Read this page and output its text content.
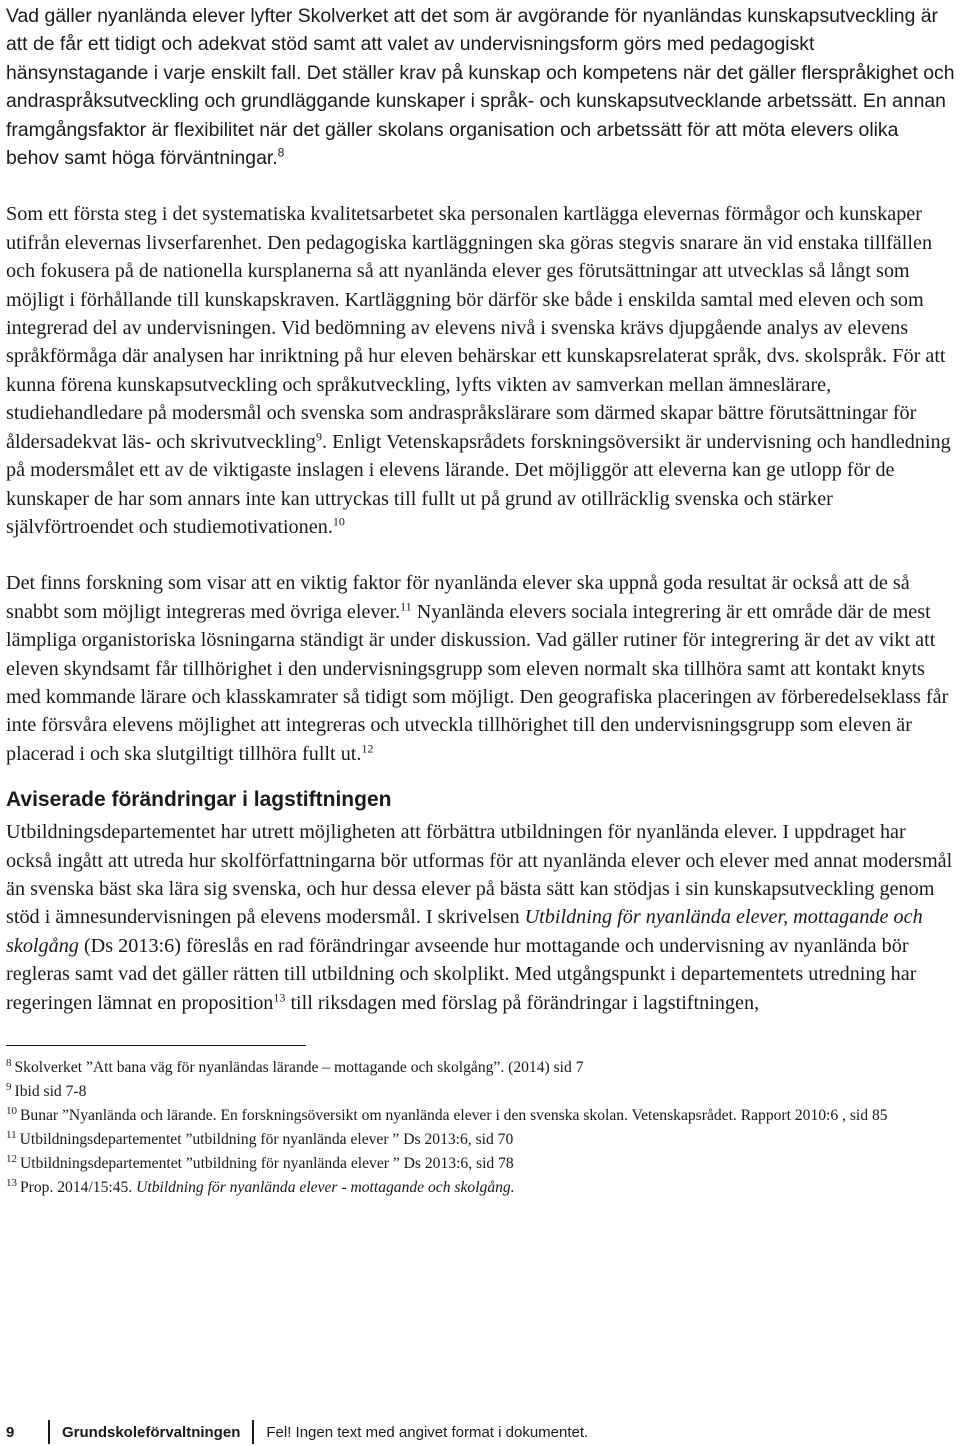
Vad gäller nyanlända elever lyfter Skolverket att det som är avgörande för nyanländas kunskapsutveckling är att de får ett tidigt och adekvat stöd samt att valet av undervisningsform görs med pedagogiskt hänsynstagande i varje enskilt fall. Det ställer krav på kunskap och kompetens när det gäller flerspråkighet och andraspråksutveckling och grundläggande kunskaper i språk- och kunskapsutvecklande arbetssätt. En annan framgångsfaktor är flexibilitet när det gäller skolans organisation och arbetssätt för att möta elevers olika behov samt höga förväntningar.$^8$

Som ett första steg i det systematiska kvalitetsarbetet ska personalen kartlägga elevernas förmågor och kunskaper utifrån elevernas livserfarenhet. Den pedagogiska kartläggningen ska göras stegvis snarare än vid enstaka tillfällen och fokusera på de nationella kursplanerna så att nyanlända elever ges förutsättningar att utvecklas så långt som möjligt i förhållande till kunskapskraven. Kartläggning bör därför ske både i enskilda samtal med eleven och som integrerad del av undervisningen. Vid bedömning av elevens nivå i svenska krävs djupgående analys av elevens språkförmåga där analysen har inriktning på hur eleven behärskar ett kunskapsrelaterat språk, dvs. skolspråk. För att kunna förena kunskapsutveckling och språkutveckling, lyfts vikten av samverkan mellan ämneslärare, studiehandledare på modersmål och svenska som andraspråkslärare som därmed skapar bättre förutsättningar för åldersadekvat läs- och skrivutveckling$^9$. Enligt Vetenskapsrådets forskningsöversikt är undervisning och handledning på modersmålet ett av de viktigaste inslagen i elevens lärande. Det möjliggör att eleverna kan ge utlopp för de kunskaper de har som annars inte kan uttryckas till fullt ut på grund av otillräcklig svenska och stärker självförtroendet och studiemotivationen.$^{10}$

Det finns forskning som visar att en viktig faktor för nyanlända elever ska uppnå goda resultat är också att de så snabbt som möjligt integreras med övriga elever.$^{11}$ Nyanlända elevers sociala integrering är ett område där de mest lämpliga organistoriska lösningarna ständigt är under diskussion. Vad gäller rutiner för integrering är det av vikt att eleven skyndsamt får tillhörighet i den undervisningsgrupp som eleven normalt ska tillhöra samt att kontakt knyts med kommande lärare och klasskamrater så tidigt som möjligt. Den geografiska placeringen av förberedelseklass får inte försvåra elevens möjlighet att integreras och utveckla tillhörighet till den undervisningsgrupp som eleven är placerad i och ska slutgiltigt tillhöra fullt ut.$^{12}$

Aviserade förändringar i lagstiftningen

Utbildningsdepartementet har utrett möjligheten att förbättra utbildningen för nyanlända elever. I uppdraget har också ingått att utreda hur skolförfattningarna bör utformas för att nyanlända elever och elever med annat modersmål än svenska bäst ska lära sig svenska, och hur dessa elever på bästa sätt kan stödjas i sin kunskapsutveckling genom stöd i ämnesundervisningen på elevens modersmål. I skrivelsen Utbildning för nyanlända elever, mottagande och skolgång (Ds 2013:6) föreslås en rad förändringar avseende hur mottagande och undervisning av nyanlända bör regleras samt vad det gäller rätten till utbildning och skolplikt. Med utgångspunkt i departementets utredning har regeringen lämnat en proposition$^{13}$ till riksdagen med förslag på förändringar i lagstiftningen,

$^8$ Skolverket ”Att bana väg för nyanländas lärande – mottagande och skolgång”. (2014) sid 7

$^9$ Ibid sid 7-8

$^{10}$ Bunar ”Nyanlända och lärande. En forskningsöversikt om nyanlända elever i den svenska skolan. Vetenskapsrådet. Rapport 2010:6 , sid 85

$^{11}$ Utbildningsdepartementet ”utbildning för nyanlända elever ” Ds 2013:6, sid 70

$^{12}$ Utbildningsdepartementet ”utbildning för nyanlända elever ” Ds 2013:6, sid 78

$^{13}$ Prop. 2014/15:45. Utbildning för nyanlända elever - mottagande och skolgång.

9	Grundskoleförvaltningen Fel! Ingen text med angivet format i dokumentet.
